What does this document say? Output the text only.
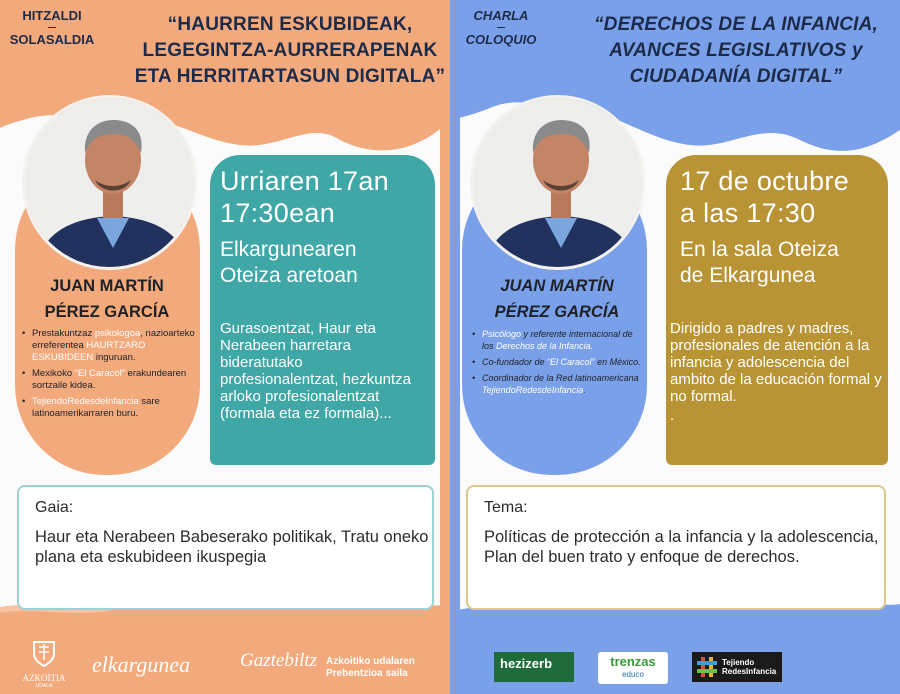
HITZALDI
SOLASALDIA
“HAURREN ESKUBIDEAK, LEGEGINTZA-AURRERAPENAK ETA HERRITARTASUN DIGITALA”
JUAN MARTÍN
PÉREZ GARCÍA
• Prestakuntzaz psikologoa, nazioarteko erreferentea HAURTZARO ESKUBIDEEN inguruan.
• Mexikoko “El Caracol” erakundearen sortzaile kidea.
• TejiendoRedesdeInfancia sare latinoamerikarraren buru.
Urriaren 17an
17:30ean
Elkargunearen
Oteiza aretoan
Gurasoentzat, Haur eta Nerabeen harretara bideratutako profesionalentzat, hezkuntza arloko profesionalentzat (formala eta ez formala)...
Gaia:
Haur eta Nerabeen Babeserako politikak, Tratu oneko plana eta eskubideen ikuspegia
AZKOITIA
UDALA
elkargunea	Gaztebiltz Azkoitiko udalaren
Prebentzioa saila
CHARLA
COLOQUIO
“DERECHOS DE LA INFANCIA, AVANCES LEGISLATIVOS y CIUDADANÍA DIGITAL”
JUAN MARTÍN
PÉREZ GARCÍA
• Psicólogo y referente internacional de los Derechos de la Infancia.
• Co-fundador de “El Caracol” en México.
• Coordinador de la Red latinoamericana TejiendoRedesdeInfancia.
17 de octubre
a las 17:30
En la sala Oteiza
de Elkargunea
Dirigido a padres y madres, profesionales de atención a la infancia y adolescencia del ambito de la educación formal y no formal.
.
Tema:
Políticas de protección a la infancia y la adolescencia, Plan del buen trato y enfoque de derechos.
hezizerb	trenzas
educo
Tejiendo
RedesInfancia
